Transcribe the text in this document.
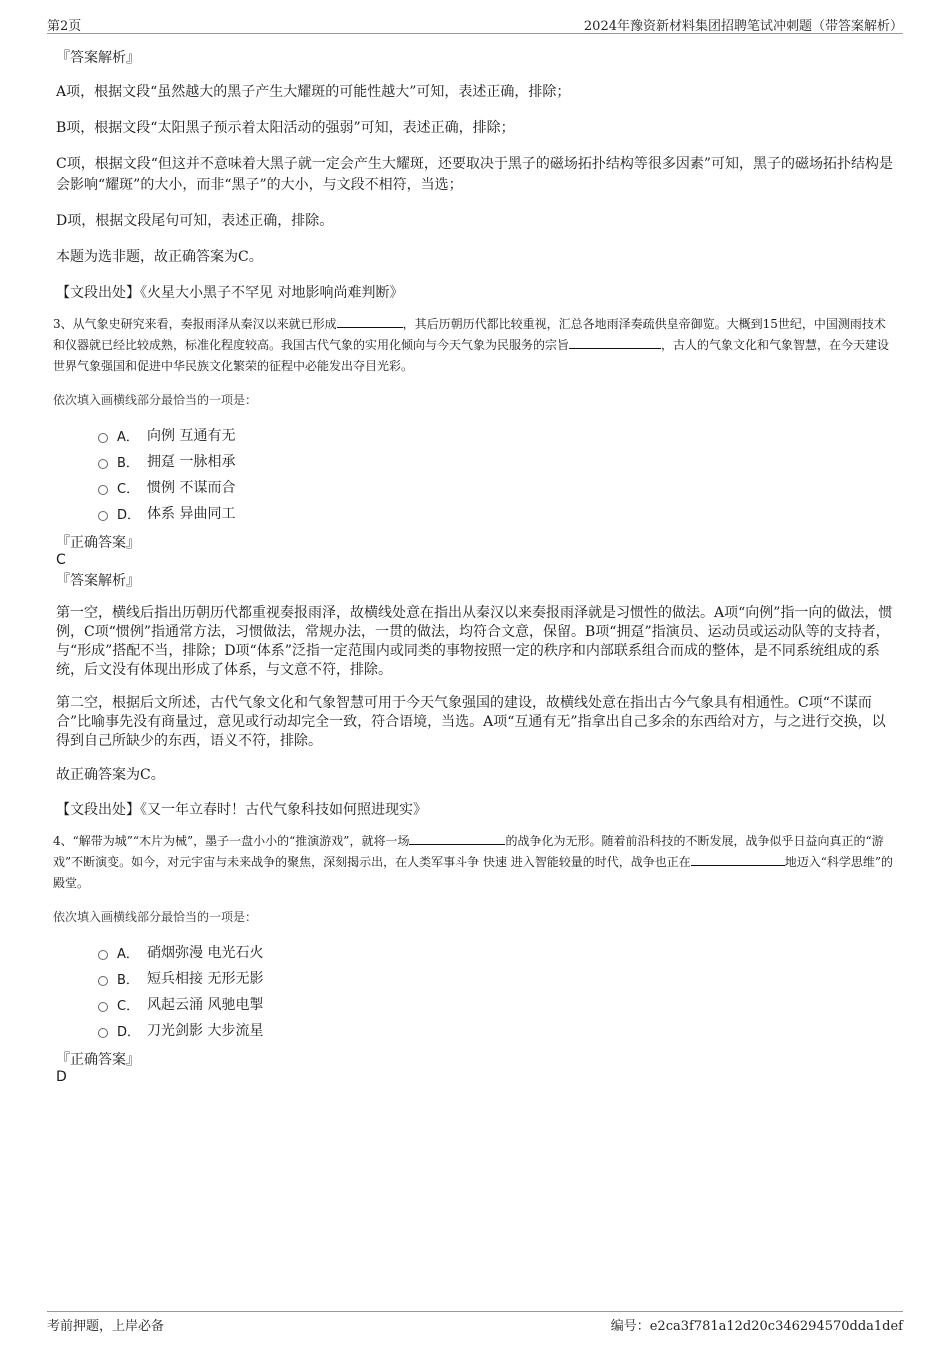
第2页	2024年豫资新材料集团招聘笔试冲刺题（带答案解析）

『答案解析』

A项，根据文段“虽然越大的黑子产生大耀斑的可能性越大”可知，表述正确，排除；

B项，根据文段“太阳黑子预示着太阳活动的强弱”可知，表述正确，排除；

C项，根据文段“但这并不意味着大黑子就一定会产生大耀斑，还要取决于黑子的磁场拓扑结构等很多因素”可知，黑子的磁场拓扑结构是会影响“耀斑”的大小，而非“黑子”的大小，与文段不相符，当选；

D项，根据文段尾句可知，表述正确，排除。

本题为选非题，故正确答案为C。

【文段出处】《火星大小黑子不罕见 对地影响尚难判断》

3、从气象史研究来看，奏报雨泽从秦汉以来就已形成	，其后历朝历代都比较重视，汇总各地雨泽奏疏供皇帝御览。大概到15世纪，中国测雨技术和仪器就已经比较成熟，标准化程度较高。我国古代气象的实用化倾向与今天气象为民服务的宗旨	，古人的气象文化和气象智慧，在今天建设世界气象强国和促进中华民族文化繁荣的征程中必能发出夺目光彩。

依次填入画横线部分最恰当的一项是：

A． 向例 互通有无
B． 拥趸 一脉相承
C． 惯例 不谋而合
D． 体系 异曲同工

『正确答案』

C

『答案解析』

第一空，横线后指出历朝历代都重视奏报雨泽，故横线处意在指出从秦汉以来奏报雨泽就是习惯性的做法。A项“向例”指一向的做法，惯例，C项“惯例”指通常方法，习惯做法，常规办法，一贯的做法，均符合文意，保留。B项“拥趸”指演员、运动员或运动队等的支持者，与“形成”搭配不当，排除；D项“体系”泛指一定范围内或同类的事物按照一定的秩序和内部联系组合而成的整体，是不同系统组成的系统，后文没有体现出形成了体系，与文意不符，排除。

第二空，根据后文所述，古代气象文化和气象智慧可用于今天气象强国的建设，故横线处意在指出古今气象具有相通性。C项“不谋而合”比喻事先没有商量过，意见或行动却完全一致，符合语境，当选。A项“互通有无”指拿出自己多余的东西给对方，与之进行交换，以得到自己所缺少的东西，语义不符，排除。

故正确答案为C。

【文段出处】《又一年立春时！古代气象科技如何照进现实》

4、“解带为城”“木片为械”，墨子一盘小小的“推演游戏”，就将一场	的战争化为无形。随着前沿科技的不断发展，战争似乎日益向真正的“游戏”不断演变。如今，对元宇宙与未来战争的聚焦，深刻揭示出，在人类军事斗争 快速 进入智能较量的时代，战争也正在	地迈入“科学思维”的殿堂。

依次填入画横线部分最恰当的一项是：

A． 硝烟弥漫 电光石火
B． 短兵相接 无形无影
C． 风起云涌 风驰电掣
D． 刀光剑影 大步流星

『正确答案』

D

考前押题，上岸必备	编号：e2ca3f781a12d20c346294570dda1def
